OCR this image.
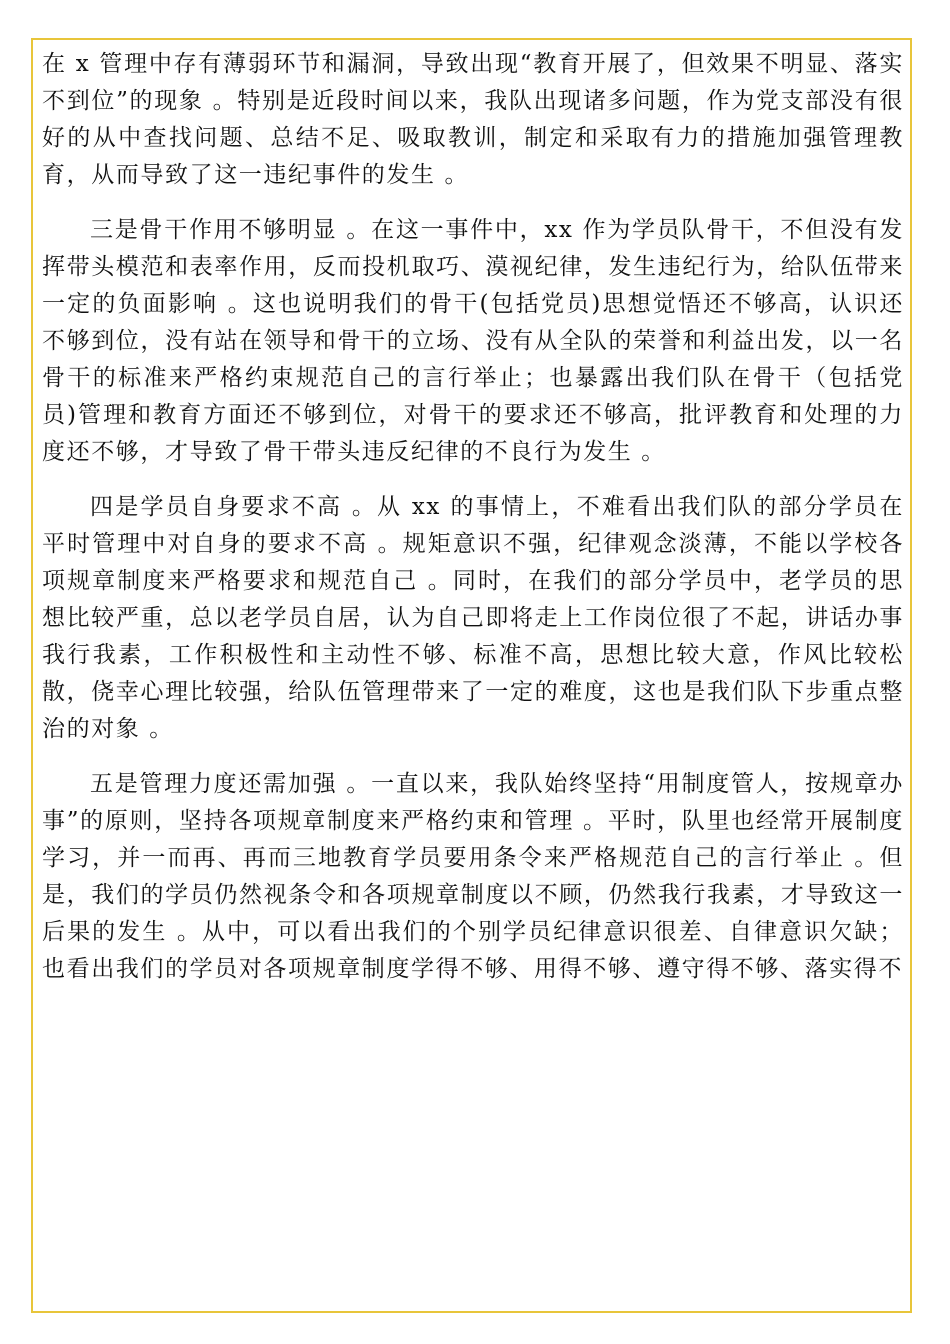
在 x 管理中存有薄弱环节和漏洞，导致出现“教育开展了，但效果不明显、落实不到位”的现象 。特别是近段时间以来，我队出现诸多问题，作为党支部没有很好的从中查找问题、总结不足、吸取教训，制定和采取有力的措施加强管理教育，从而导致了这一违纪事件的发生 。

三是骨干作用不够明显 。在这一事件中，xx 作为学员队骨干，不但没有发挥带头模范和表率作用，反而投机取巧、漠视纪律，发生违纪行为，给队伍带来一定的负面影响 。这也说明我们的骨干(包括党员)思想觉悟还不够高，认识还不够到位，没有站在领导和骨干的立场、没有从全队的荣誉和利益出发，以一名骨干的标准来严格约束规范自己的言行举止；也暴露出我们队在骨干（包括党员)管理和教育方面还不够到位，对骨干的要求还不够高，批评教育和处理的力度还不够，才导致了骨干带头违反纪律的不良行为发生 。

四是学员自身要求不高 。从 xx 的事情上，不难看出我们队的部分学员在平时管理中对自身的要求不高 。规矩意识不强，纪律观念淡薄，不能以学校各项规章制度来严格要求和规范自己 。同时，在我们的部分学员中，老学员的思想比较严重，总以老学员自居，认为自己即将走上工作岗位很了不起，讲话办事我行我素，工作积极性和主动性不够、标准不高，思想比较大意，作风比较松散，侥幸心理比较强，给队伍管理带来了一定的难度，这也是我们队下步重点整治的对象 。

五是管理力度还需加强 。一直以来，我队始终坚持“用制度管人，按规章办事”的原则，坚持各项规章制度来严格约束和管理 。平时，队里也经常开展制度学习，并一而再、再而三地教育学员要用条令来严格规范自己的言行举止 。但是，我们的学员仍然视条令和各项规章制度以不顾，仍然我行我素，才导致这一后果的发生 。从中，可以看出我们的个别学员纪律意识很差、自律意识欠缺；也看出我们的学员对各项规章制度学得不够、用得不够、遵守得不够、落实得不
